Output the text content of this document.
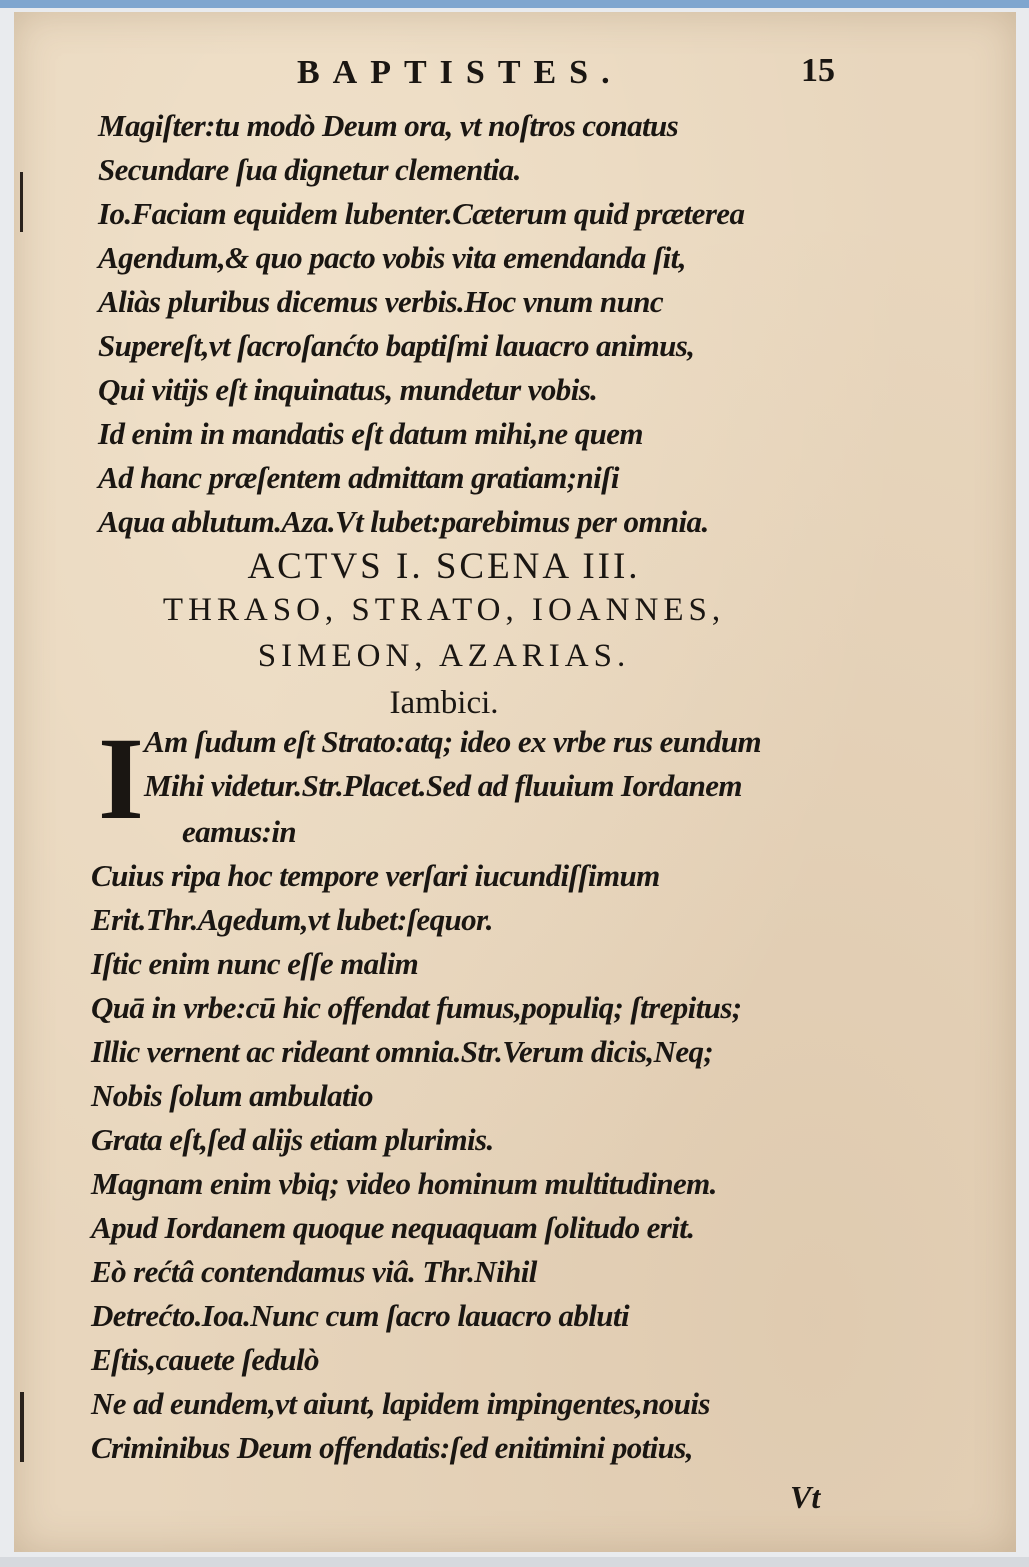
BAPTISTES.	15
Magiſter:tu modò Deum ora, vt noſtros conatus
Secundare ſua dignetur clementia.
Io.Faciam equidem lubenter.Cæterum quid præterea
Agendum,& quo pacto vobis vita emendanda ſit,
Aliàs pluribus dicemus verbis.Hoc vnum nunc
Supereſt,vt ſacroſanćto baptiſmi lauacro animus,
Qui vitijs eſt inquinatus, mundetur vobis.
Id enim in mandatis eſt datum mihi,ne quem
Ad hanc præſentem admittam gratiam;niſi
Aqua ablutum.Aza.Vt lubet:parebimus per omnia.
ACTVS I. SCENA III.
THRASO, STRATO, IOANNES,
SIMEON, AZARIAS.
Iambici.
I Am ſudum eſt Strato:atq; ideo ex vrbe rus eundum
Mihi videtur.Str.Placet.Sed ad fluuium Iordanem
eamus:in
Cuius ripa hoc tempore verſari iucundiſſimum
Erit.Thr.Agedum,vt lubet:ſequor.
Iſtic enim nunc eſſe malim
Quā in vrbe:cū hic offendat fumus,populiq; ſtrepitus;
Illic vernent ac rideant omnia.Str.Verum dicis,Neq;
Nobis ſolum ambulatio
Grata eſt,ſed alijs etiam plurimis.
Magnam enim vbiq; video hominum multitudinem.
Apud Iordanem quoque nequaquam ſolitudo erit.
Eò rećtâ contendamus viâ. Thr.Nihil
Detrećto.Ioa.Nunc cum ſacro lauacro abluti
Eſtis,cauete ſedulò
Ne ad eundem,vt aiunt, lapidem impingentes,nouis
Criminibus Deum offendatis:ſed enitimini potius,
Vt
